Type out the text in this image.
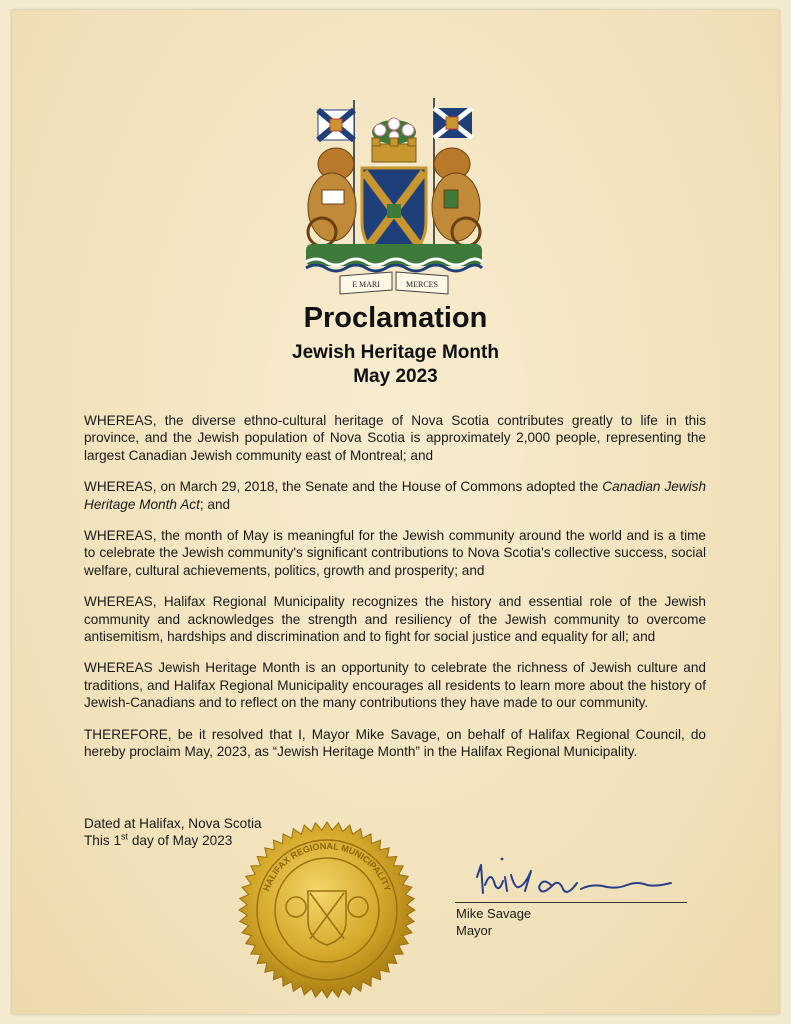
E MARI	MERCES
Proclamation
Jewish Heritage Month
May 2023

WHEREAS, the diverse ethno-cultural heritage of Nova Scotia contributes greatly to life in this province, and the Jewish population of Nova Scotia is approximately 2,000 people, representing the largest Canadian Jewish community east of Montreal; and

WHEREAS, on March 29, 2018, the Senate and the House of Commons adopted the Canadian Jewish Heritage Month Act; and

WHEREAS, the month of May is meaningful for the Jewish community around the world and is a time to celebrate the Jewish community's significant contributions to Nova Scotia's collective success, social welfare, cultural achievements, politics, growth and prosperity; and

WHEREAS, Halifax Regional Municipality recognizes the history and essential role of the Jewish community and acknowledges the strength and resiliency of the Jewish community to overcome antisemitism, hardships and discrimination and to fight for social justice and equality for all; and

WHEREAS Jewish Heritage Month is an opportunity to celebrate the richness of Jewish culture and traditions, and Halifax Regional Municipality encourages all residents to learn more about the history of Jewish-Canadians and to reflect on the many contributions they have made to our community.

THEREFORE, be it resolved that I, Mayor Mike Savage, on behalf of Halifax Regional Council, do hereby proclaim May, 2023, as “Jewish Heritage Month” in the Halifax Regional Municipality.

Dated at Halifax, Nova Scotia
This 1st day of May 2023
HALIFAX REGIONAL MUNICIPALITY
Mike Savage
Mayor
